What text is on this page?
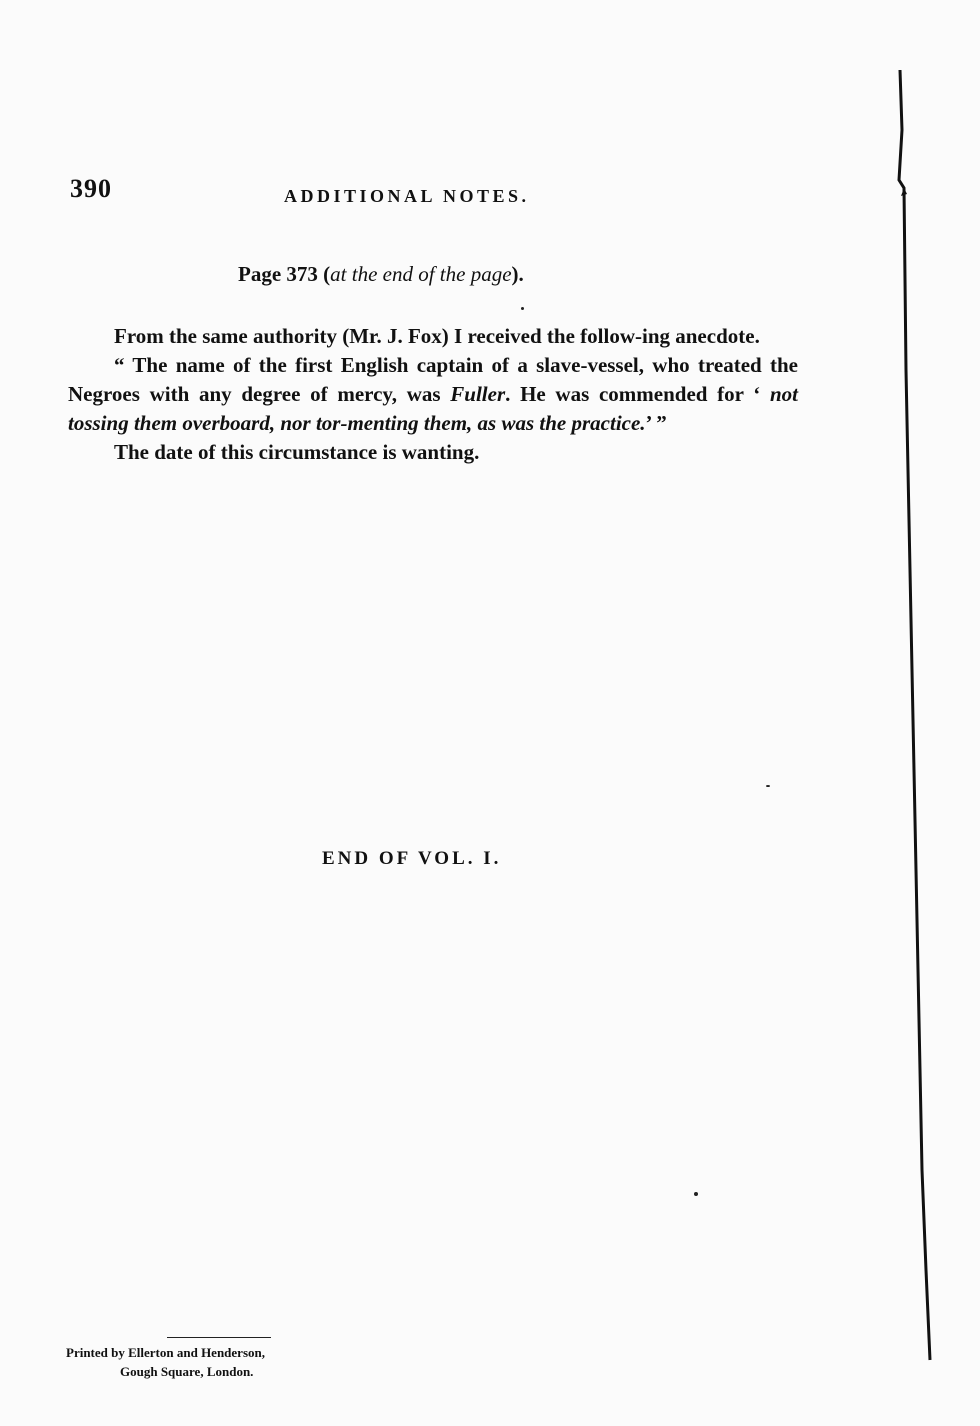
390	ADDITIONAL NOTES.
Page 373 (at the end of the page).

From the same authority (Mr. J. Fox) I received the follow-ing anecdote.

“ The name of the first English captain of a slave-vessel, who treated the Negroes with any degree of mercy, was Fuller. He was commended for ‘ not tossing them overboard, nor tor-menting them, as was the practice.’ ”

The date of this circumstance is wanting.

END OF VOL. I.
Printed by Ellerton and Henderson,
Gough Square, London.
